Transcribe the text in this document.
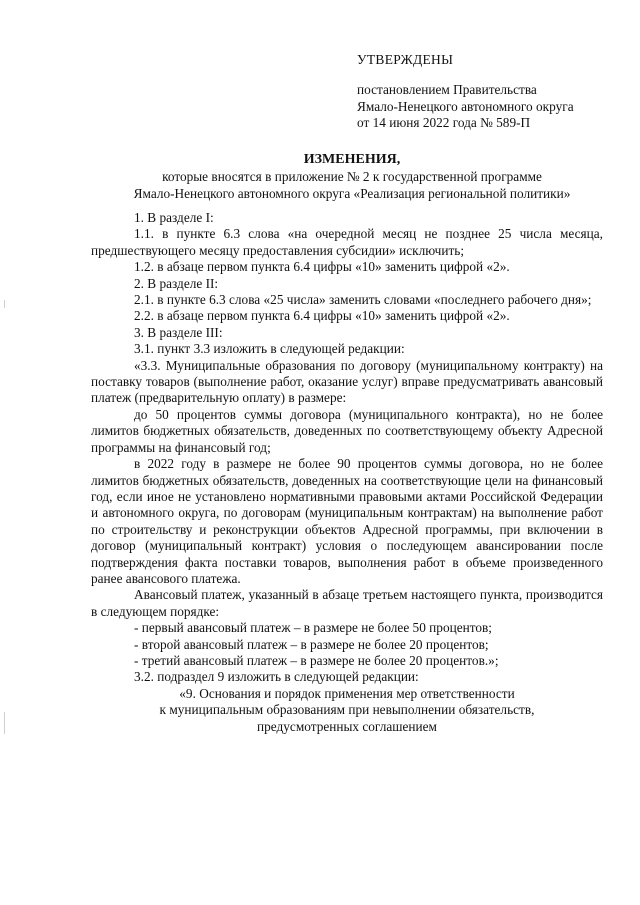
УТВЕРЖДЕНЫ
постановлением Правительства
Ямало-Ненецкого автономного округа
от 14 июня 2022 года № 589-П
ИЗМЕНЕНИЯ,
которые вносятся в приложение № 2 к государственной программе
Ямало-Ненецкого автономного округа «Реализация региональной политики»

1. В разделе I:

1.1. в пункте 6.3 слова «на очередной месяц не позднее 25 числа месяца, предшествующего месяцу предоставления субсидии» исключить;

1.2. в абзаце первом пункта 6.4 цифры «10» заменить цифрой «2».

2. В разделе II:

2.1. в пункте 6.3 слова «25 числа» заменить словами «последнего рабочего дня»;

2.2. в абзаце первом пункта 6.4 цифры «10» заменить цифрой «2».

3. В разделе III:

3.1. пункт 3.3 изложить в следующей редакции:

«3.3. Муниципальные образования по договору (муниципальному контракту) на поставку товаров (выполнение работ, оказание услуг) вправе предусматривать авансовый платеж (предварительную оплату) в размере:

до 50 процентов суммы договора (муниципального контракта), но не более лимитов бюджетных обязательств, доведенных по соответствующему объекту Адресной программы на финансовый год;

в 2022 году в размере не более 90 процентов суммы договора, но не более лимитов бюджетных обязательств, доведенных на соответствующие цели на финансовый год, если иное не установлено нормативными правовыми актами Российской Федерации и автономного округа, по договорам (муниципальным контрактам) на выполнение работ по строительству и реконструкции объектов Адресной программы, при включении в договор (муниципальный контракт) условия о последующем авансировании после подтверждения факта поставки товаров, выполнения работ в объеме произведенного ранее авансового платежа.

Авансовый платеж, указанный в абзаце третьем настоящего пункта, производится в следующем порядке:

- первый авансовый платеж – в размере не более 50 процентов;

- второй авансовый платеж – в размере не более 20 процентов;

- третий авансовый платеж – в размере не более 20 процентов.»;

3.2. подраздел 9 изложить в следующей редакции:

«9. Основания и порядок применения мер ответственности
к муниципальным образованиям при невыполнении обязательств,
предусмотренных соглашением
